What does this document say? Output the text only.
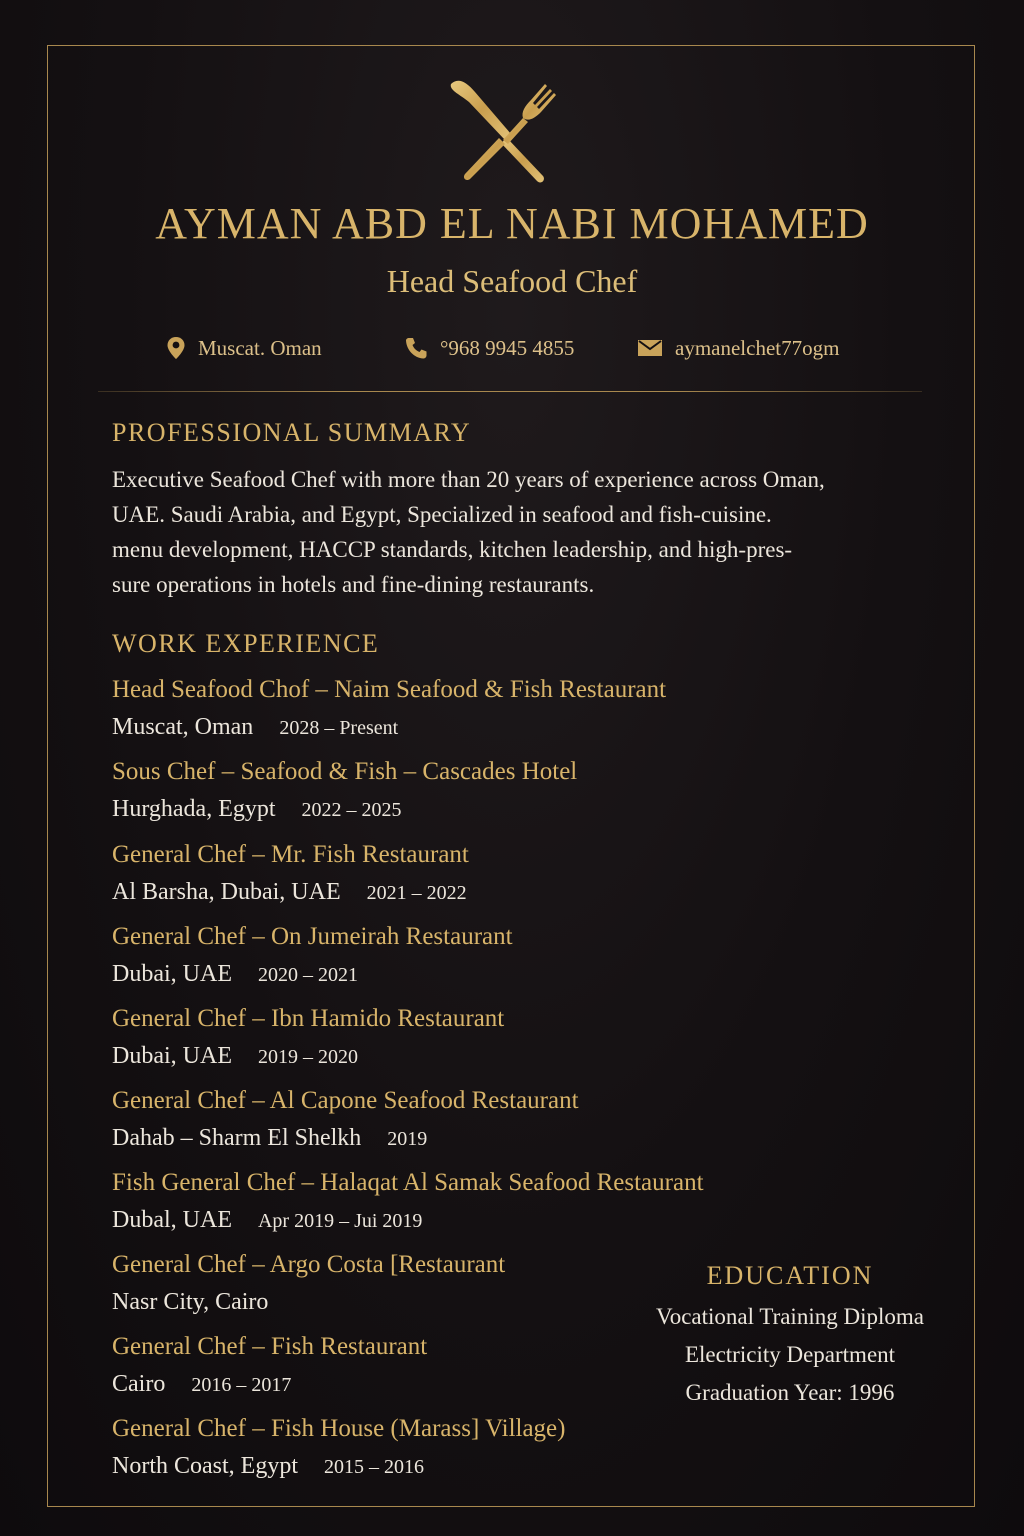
AYMAN ABD EL NABI MOHAMED
Head Seafood Chef
Muscat. Oman	°968 9945 4855	aymanelchet77ogm
PROFESSIONAL SUMMARY
Executive Seafood Chef with more than 20 years of experience across Oman,
UAE. Saudi Arabia, and Egypt, Specialized in seafood and fish-cuisine.
menu development, HACCP standards, kitchen leadership, and high-pres-
sure operations in hotels and fine-dining restaurants.
WORK EXPERIENCE
Head Seafood Chof – Naim Seafood & Fish Restaurant
Muscat, Oman 2028 – Present
Sous Chef – Seafood & Fish – Cascades Hotel
Hurghada, Egypt 2022 – 2025
General Chef – Mr. Fish Restaurant
Al Barsha, Dubai, UAE 2021 – 2022
General Chef – On Jumeirah Restaurant
Dubai, UAE 2020 – 2021
General Chef – Ibn Hamido Restaurant
Dubai, UAE 2019 – 2020
General Chef – Al Capone Seafood Restaurant
Dahab – Sharm El Shelkh 2019
Fish General Chef – Halaqat Al Samak Seafood Restaurant
Dubal, UAE Apr 2019 – Jui 2019
General Chef – Argo Costa [Restaurant
Nasr City, Cairo
General Chef – Fish Restaurant
Cairo 2016 – 2017
General Chef – Fish House (Marass] Village)
North Coast, Egypt 2015 – 2016
EDUCATION
Vocational Training Diploma
Electricity Department
Graduation Year: 1996
